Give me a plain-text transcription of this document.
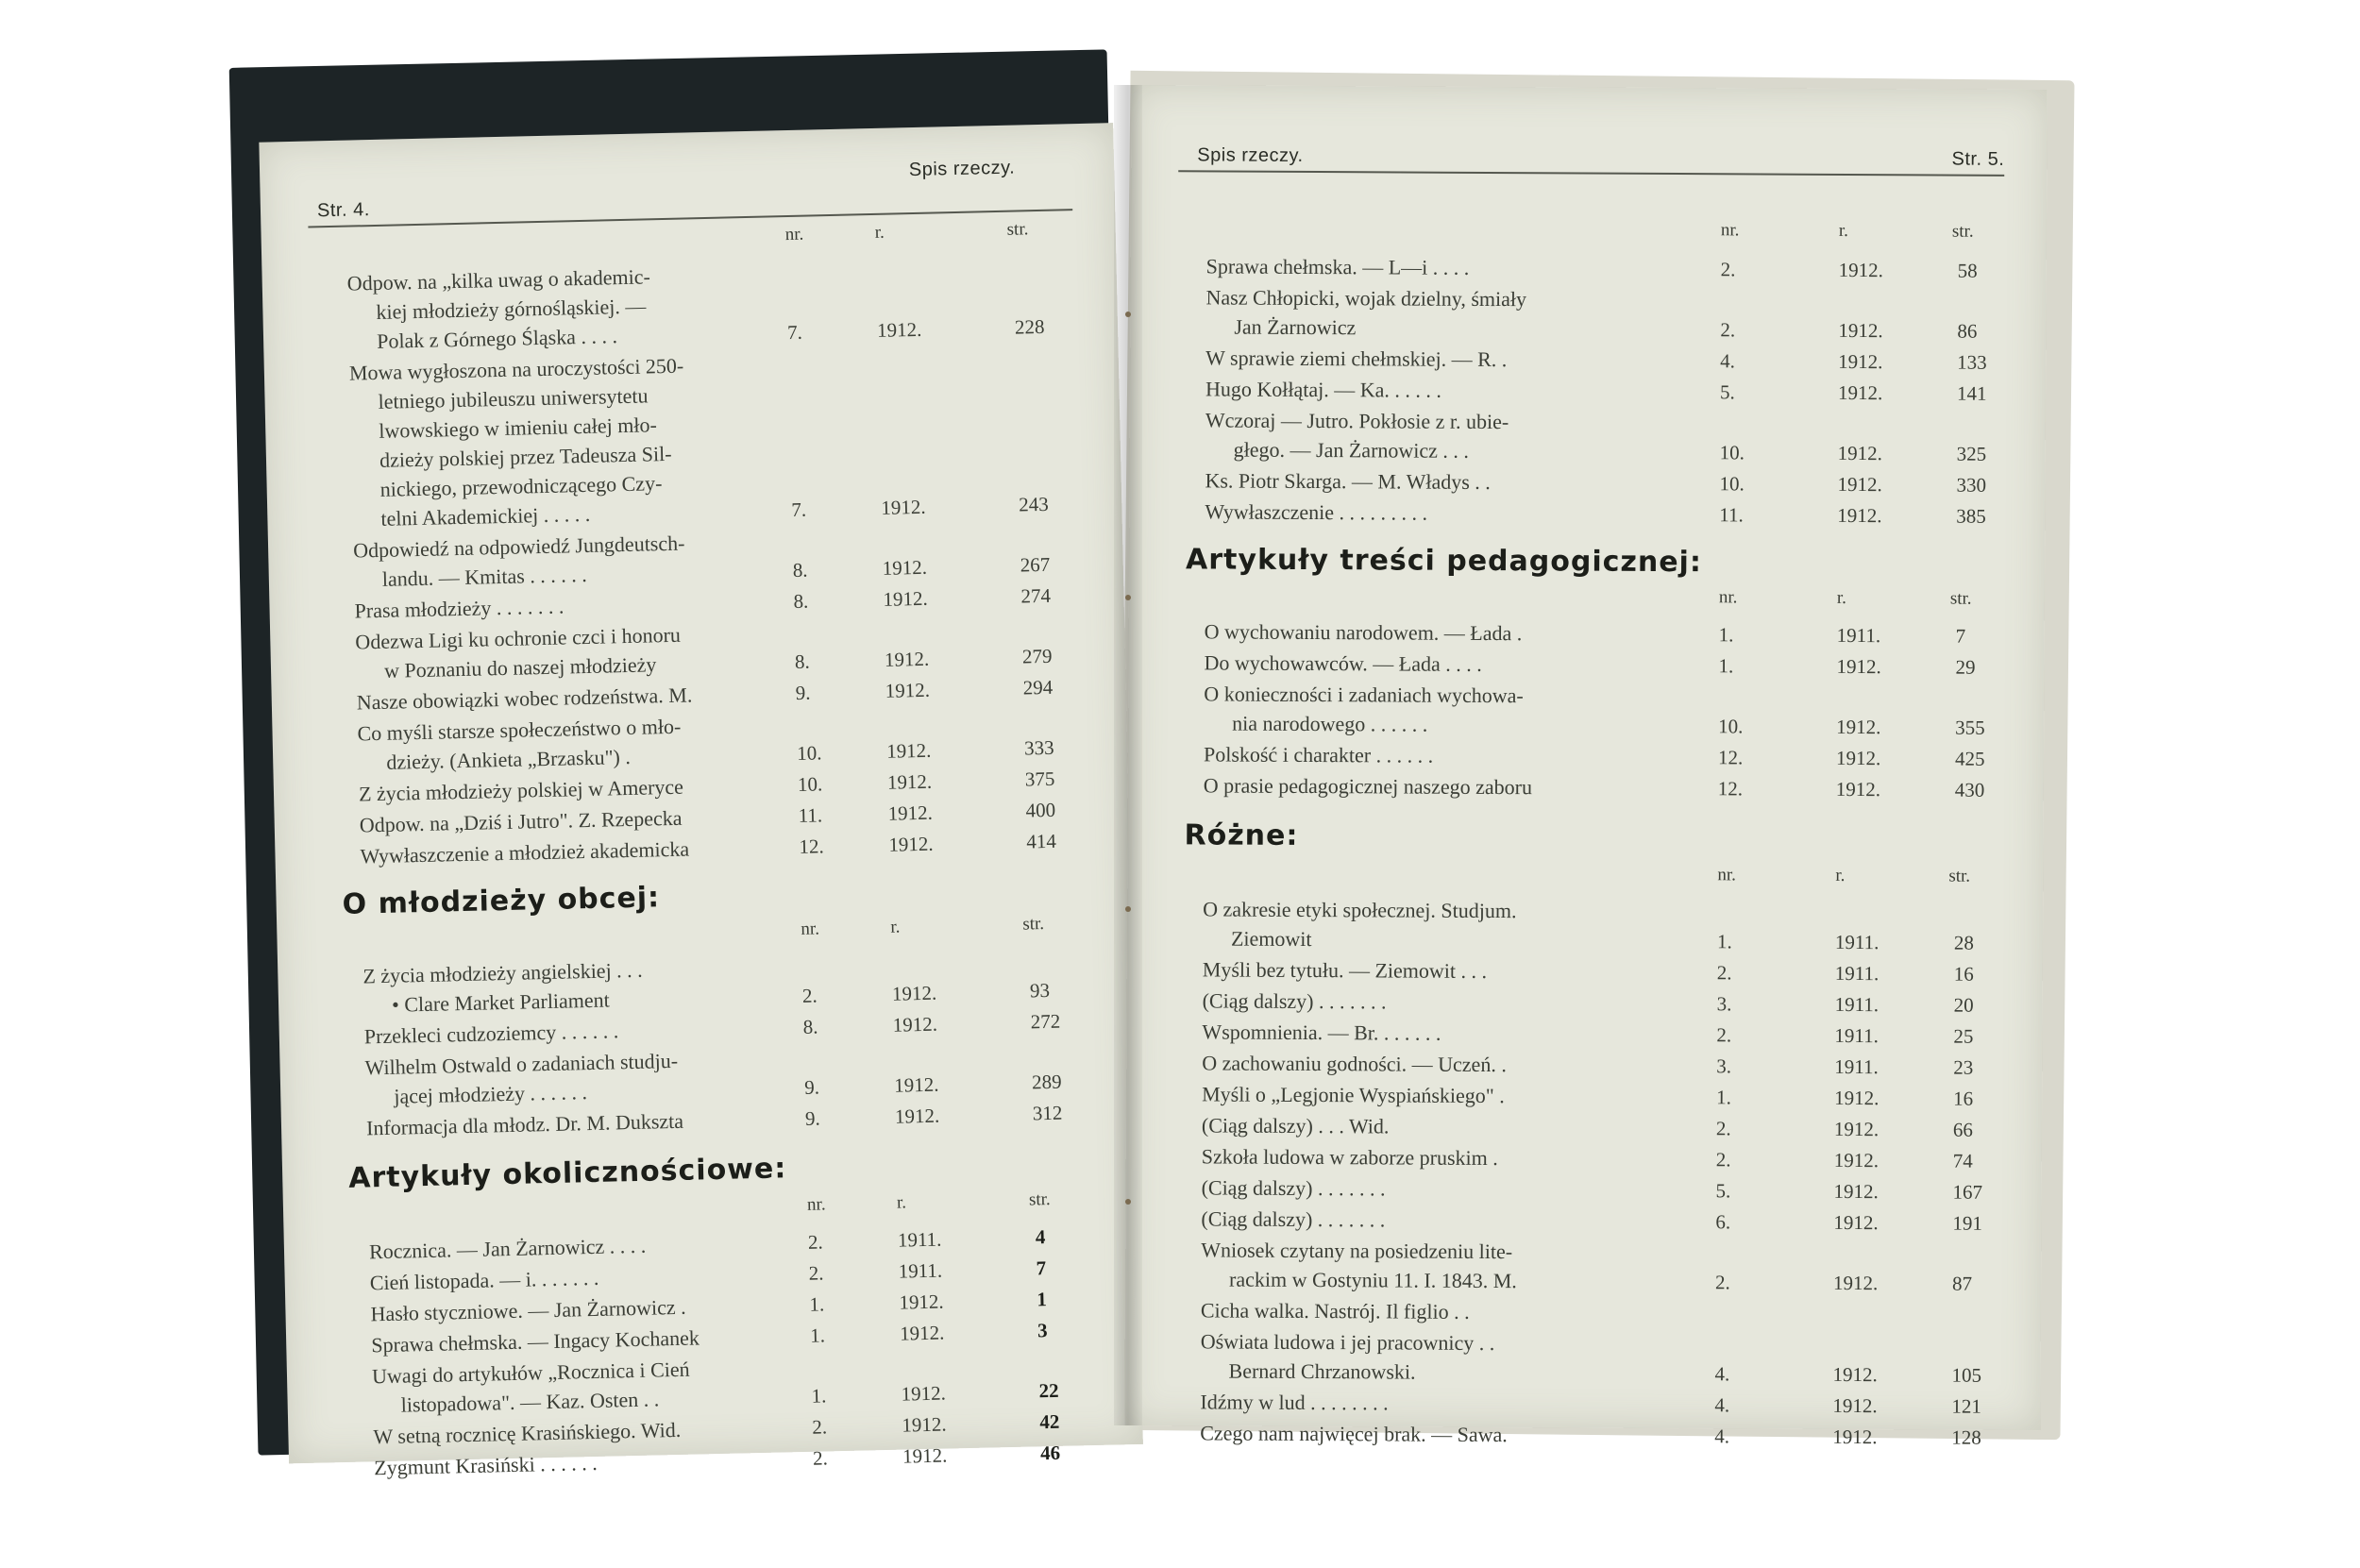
Str. 4.
Spis rzeczy.
nr.	r.	str.
Odpow. na „kilka uwag o akademic-
kiej młodzieży górnośląskiej. —
Polak z Górnego Śląska . . . .	7.	1912.	228
Mowa wygłoszona na uroczystości 250-
letniego jubileuszu uniwersytetu
lwowskiego w imieniu całej mło-
dzieży polskiej przez Tadeusza Sil-
nickiego, przewodniczącego Czy-
telni Akademickiej . . . . .	7.	1912.	243
Odpowiedź na odpowiedź Jungdeutsch-
landu. — Kmitas . . . . . .	8.	1912.	267
Prasa młodzieży . . . . . . .	8.	1912.	274
Odezwa Ligi ku ochronie czci i honoru
w Poznaniu do naszej młodzieży	8.	1912.	279
Nasze obowiązki wobec rodzeństwa. M.	9.	1912.	294
Co myśli starsze społeczeństwo o mło-
dzieży. (Ankieta „Brzasku") .	10.	1912.	333
Z życia młodzieży polskiej w Ameryce	10.	1912.	375
Odpow. na „Dziś i Jutro". Z. Rzepecka	11.	1912.	400
Wywłaszczenie a młodzież akademicka	12.	1912.	414
O młodzieży obcej:
nr.	r.	str.
Z życia młodzieży angielskiej . . .
• Clare Market Parliament	2.	1912.	93
Przekleci cudzoziemcy . . . . . .	8.	1912.	272
Wilhelm Ostwald o zadaniach studju-
jącej młodzieży . . . . . .	9.	1912.	289
Informacja dla młodz. Dr. M. Dukszta	9.	1912.	312
Artykuły okolicznościowe:
nr.	r.	str.
Rocznica. — Jan Żarnowicz . . . .	2.	1911.	4
Cień listopada. — i. . . . . . .	2.	1911.	7
Hasło styczniowe. — Jan Żarnowicz .	1.	1912.	1
Sprawa chełmska. — Ingacy Kochanek	1.	1912.	3
Uwagi do artykułów „Rocznica i Cień
listopadowa". — Kaz. Osten . .	1.	1912.	22
W setną rocznicę Krasińskiego. Wid.	2.	1912.	42
Zygmunt Krasiński . . . . . .	2.	1912.	46
Spis rzeczy.	Str. 5.
nr.	r.	str.
Sprawa chełmska. — L—i . . . .	2.	1912.	58
Nasz Chłopicki, wojak dzielny, śmiały
Jan Żarnowicz	2.	1912.	86
W sprawie ziemi chełmskiej. — R. .	4.	1912.	133
Hugo Kołłątaj. — Ka. . . . . .	5.	1912.	141
Wczoraj — Jutro. Pokłosie z r. ubie-
głego. — Jan Żarnowicz . . .	10.	1912.	325
Ks. Piotr Skarga. — M. Władys . .	10.	1912.	330
Wywłaszczenie . . . . . . . . .	11.	1912.	385
Artykuły treści pedagogicznej:
nr.	r.	str.
O wychowaniu narodowem. — Łada .	1.	1911.	7
Do wychowawców. — Łada . . . .	1.	1912.	29
O konieczności i zadaniach wychowa-
nia narodowego . . . . . .	10.	1912.	355
Polskość i charakter . . . . . .	12.	1912.	425
O prasie pedagogicznej naszego zaboru	12.	1912.	430
Różne:
nr.	r.	str.
O zakresie etyki społecznej. Studjum.
Ziemowit	1.	1911.	28
Myśli bez tytułu. — Ziemowit . . .	2.	1911.	16
(Ciąg dalszy) . . . . . . .	3.	1911.	20
Wspomnienia. — Br. . . . . . .	2.	1911.	25
O zachowaniu godności. — Uczeń. .	3.	1911.	23
Myśli o „Legjonie Wyspiańskiego" .	1.	1912.	16
(Ciąg dalszy) . . . Wid.	2.	1912.	66
Szkoła ludowa w zaborze pruskim .	2.	1912.	74
(Ciąg dalszy) . . . . . . .	5.	1912.	167
(Ciąg dalszy) . . . . . . .	6.	1912.	191
Wniosek czytany na posiedzeniu lite-
rackim w Gostyniu 11. I. 1843. M.	2.	1912.	87
Cicha walka. Nastrój. Il figlio . .
Oświata ludowa i jej pracownicy . .
Bernard Chrzanowski.	4.	1912.	105
Idźmy w lud . . . . . . . .	4.	1912.	121
Czego nam najwięcej brak. — Sawa.	4.	1912.	128
